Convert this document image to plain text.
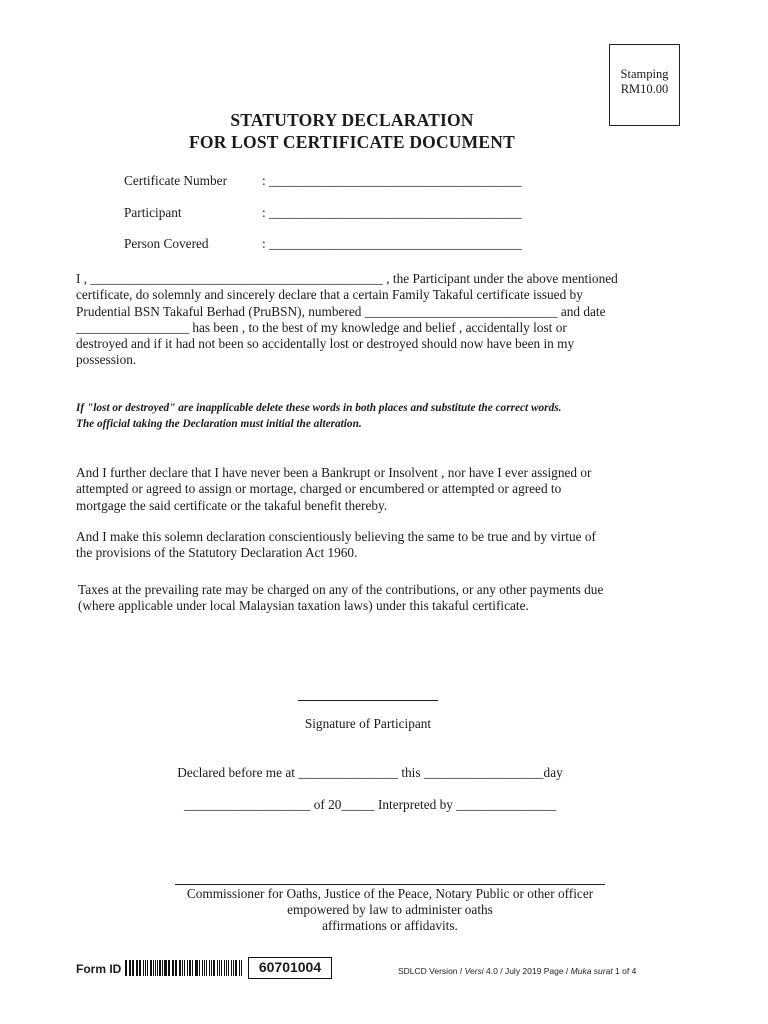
Stamping
RM10.00
STATUTORY DECLARATION
FOR LOST CERTIFICATE DOCUMENT
Certificate Number	: ______________________________________
Participant	: ______________________________________
Person Covered	: ______________________________________
I , ____________________________________________ , the Participant under the above mentioned
certificate, do solemnly and sincerely declare that a certain Family Takaful certificate issued by
Prudential BSN Takaful Berhad (PruBSN), numbered _____________________________ and date
_________________ has been , to the best of my knowledge and belief , accidentally lost or
destroyed and if it had not been so accidentally lost or destroyed should now have been in my
possession.
If "lost or destroyed" are inapplicable delete these words in both places and substitute the correct words.
The official taking the Declaration must initial the alteration.
And I further declare that I have never been a Bankrupt or Insolvent , nor have I ever assigned or
attempted or agreed to assign or mortage, charged or encumbered or attempted or agreed to
mortgage the said certificate or the takaful benefit thereby.
And I make this solemn declaration conscientiously believing the same to be true and by virtue of
the provisions of the Statutory Declaration Act 1960.
Taxes at the prevailing rate may be charged on any of the contributions, or any other payments due
(where applicable under local Malaysian taxation laws) under this takaful certificate.
Signature of Participant
Declared before me at _______________ this __________________day
___________________ of 20_____ Interpreted by _______________
Commissioner for Oaths, Justice of the Peace, Notary Public or other officer
empowered by law to administer oaths
affirmations or affidavits.
Form ID	60701004	SDLCD Version / Versi 4.0 / July 2019 Page / Muka surat 1 of 4
